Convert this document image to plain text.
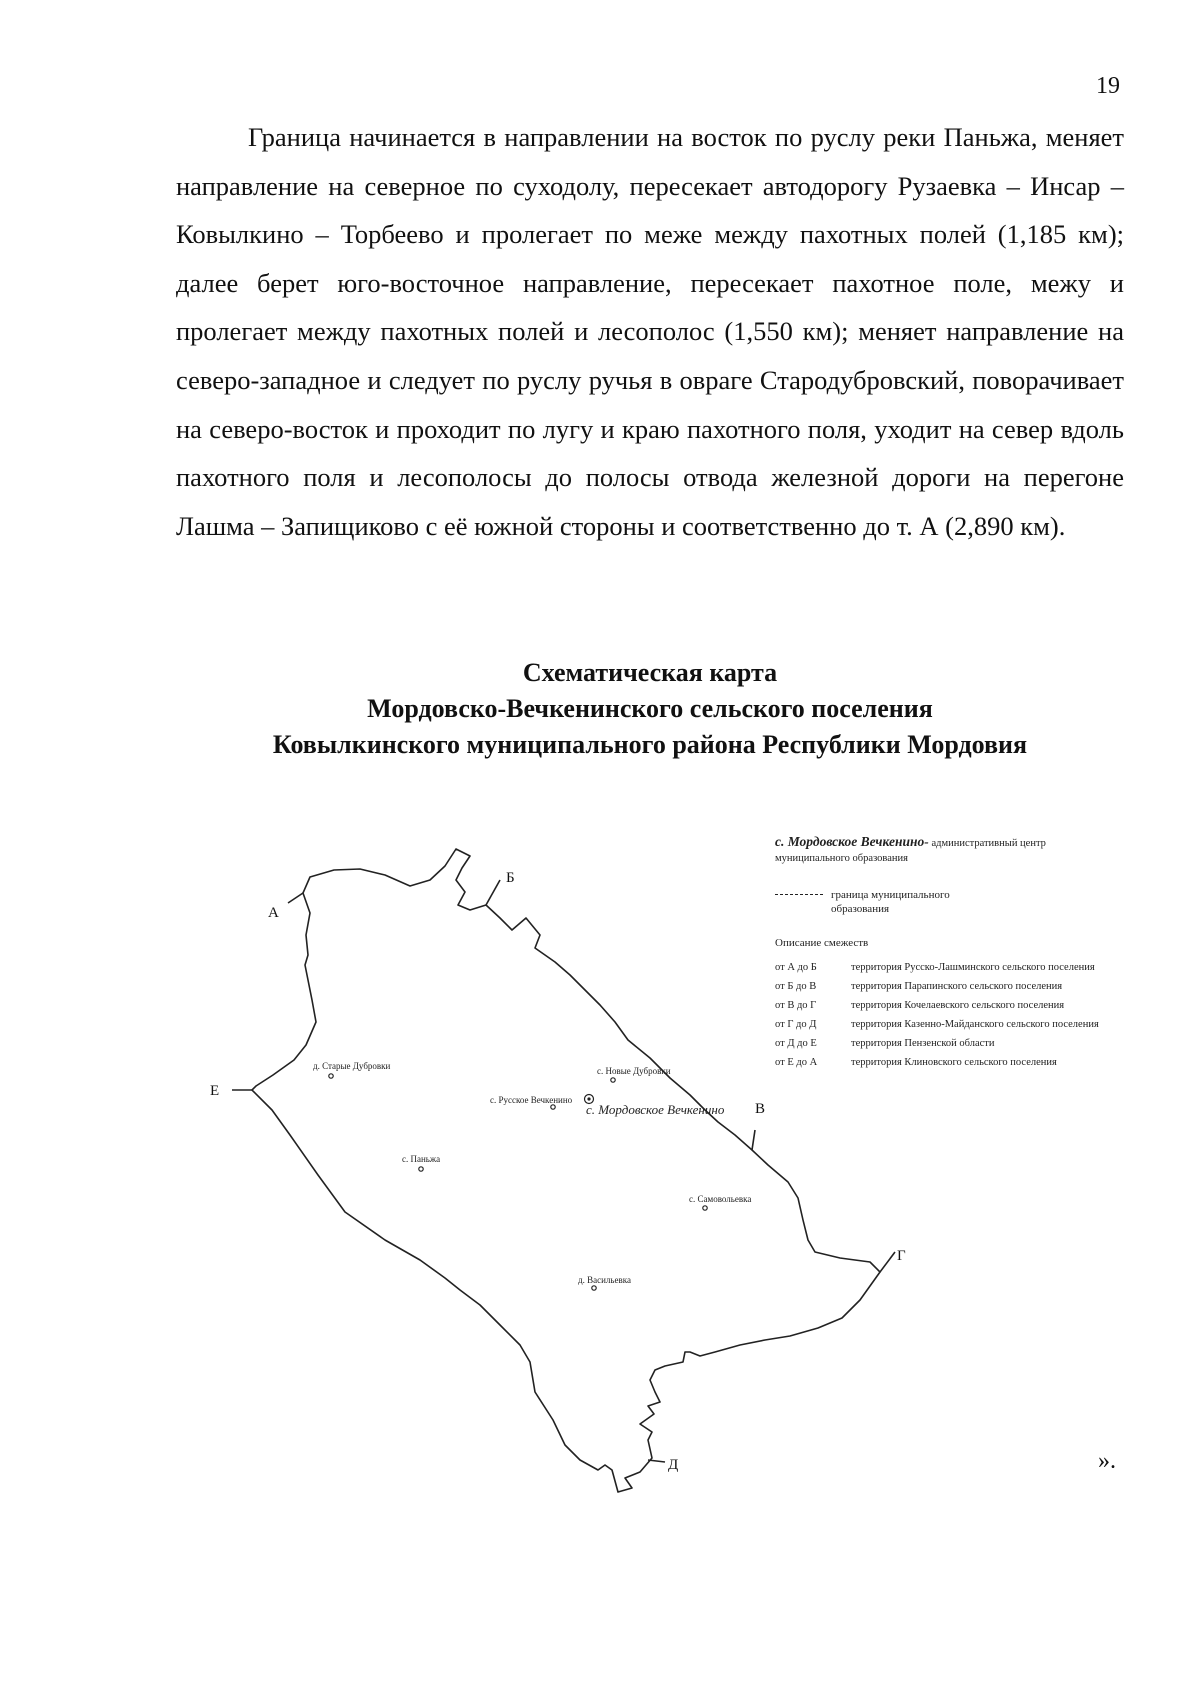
19

Граница начинается в направлении на восток по руслу реки Паньжа, меняет направление на северное по суходолу, пересекает автодорогу Рузаевка – Инсар – Ковылкино – Торбеево и пролегает по меже между пахотных полей (1,185 км); далее берет юго-восточное направление, пересекает пахотное поле, межу и пролегает между пахотных полей и лесополос (1,550 км); меняет направление на северо-западное и следует по руслу ручья в овраге Стародубровский, поворачивает на северо-восток и проходит по лугу и краю пахотного поля, уходит на север вдоль пахотного поля и лесополосы до полосы отвода железной дороги на перегоне Лашма – Запищиково с её южной стороны и соответственно до т. А (2,890 км).

Схематическая карта
Мордовско-Вечкенинского сельского поселения
Ковылкинского муниципального района Республики Мордовия
А
Б
В
Г
Д
Е
д. Старые Дубровки	с. Новые Дубровки
с. Русское Вечкенино
с. Мордовское Вечкенино
с. Паньжа
с. Самовольевка
д. Васильевка
с. Мордовское Вечкенино- административный центр муниципального образования
граница муниципального образования
Описание смежеств
от А до Б	территория Русско-Лашминского сельского поселения
от Б до В	территория Парапинского сельского поселения
от В до Г	территория Кочелаевского сельского поселения
от Г до Д	территория Казенно-Майданского сельского поселения
от Д до Е	территория Пензенской области
от Е до А	территория Клиновского сельского поселения
».
